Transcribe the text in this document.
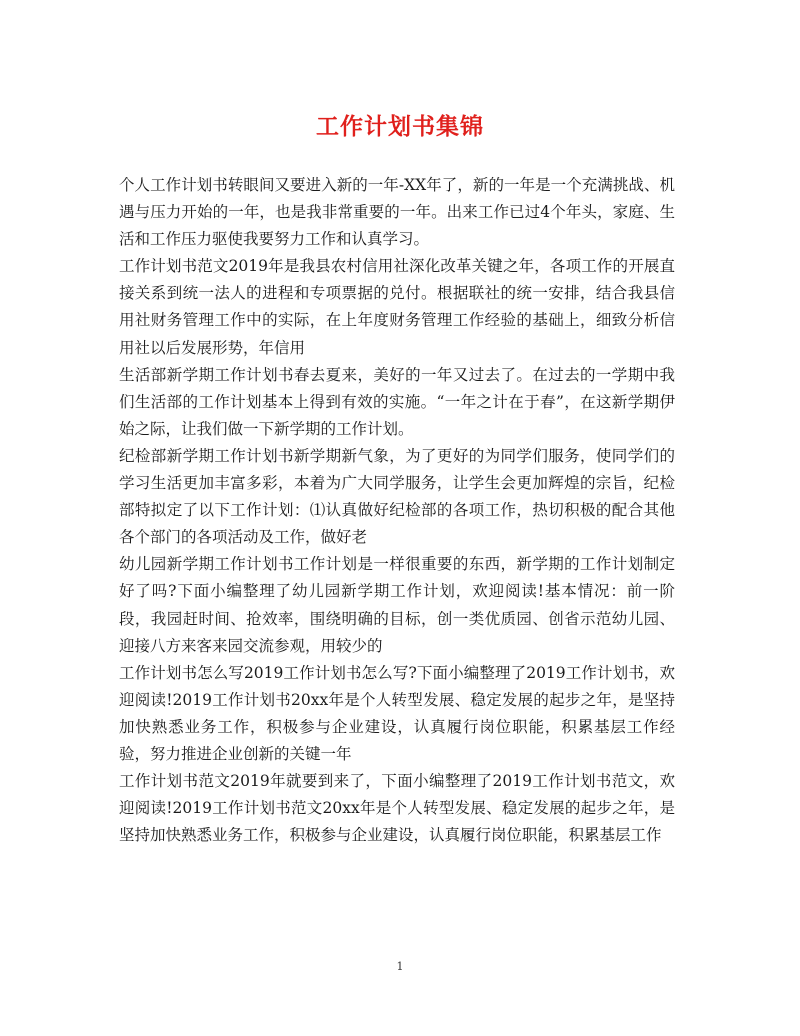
工作计划书集锦

个人工作计划书转眼间又要进入新的一年-XX年了，新的一年是一个充满挑战、机遇与压力开始的一年，也是我非常重要的一年。出来工作已过4个年头，家庭、生活和工作压力驱使我要努力工作和认真学习。

工作计划书范文2019年是我县农村信用社深化改革关键之年，各项工作的开展直接关系到统一法人的进程和专项票据的兑付。根据联社的统一安排，结合我县信用社财务管理工作中的实际，在上年度财务管理工作经验的基础上，细致分析信用社以后发展形势，年信用

生活部新学期工作计划书春去夏来，美好的一年又过去了。在过去的一学期中我们生活部的工作计划基本上得到有效的实施。“一年之计在于春”，在这新学期伊始之际，让我们做一下新学期的工作计划。

纪检部新学期工作计划书新学期新气象，为了更好的为同学们服务，使同学们的学习生活更加丰富多彩，本着为广大同学服务，让学生会更加辉煌的宗旨，纪检部特拟定了以下工作计划：⑴认真做好纪检部的各项工作，热切积极的配合其他各个部门的各项活动及工作，做好老

幼儿园新学期工作计划书工作计划是一样很重要的东西，新学期的工作计划制定好了吗?下面小编整理了幼儿园新学期工作计划，欢迎阅读!基本情况：前一阶段，我园赶时间、抢效率，围绕明确的目标，创一类优质园、创省示范幼儿园、迎接八方来客来园交流参观，用较少的

工作计划书怎么写2019工作计划书怎么写?下面小编整理了2019工作计划书，欢迎阅读!2019工作计划书20xx年是个人转型发展、稳定发展的起步之年，是坚持加快熟悉业务工作，积极参与企业建设，认真履行岗位职能，积累基层工作经验，努力推进企业创新的关键一年

工作计划书范文2019年就要到来了，下面小编整理了2019工作计划书范文，欢迎阅读!2019工作计划书范文20xx年是个人转型发展、稳定发展的起步之年，是坚持加快熟悉业务工作，积极参与企业建设，认真履行岗位职能，积累基层工作

1
